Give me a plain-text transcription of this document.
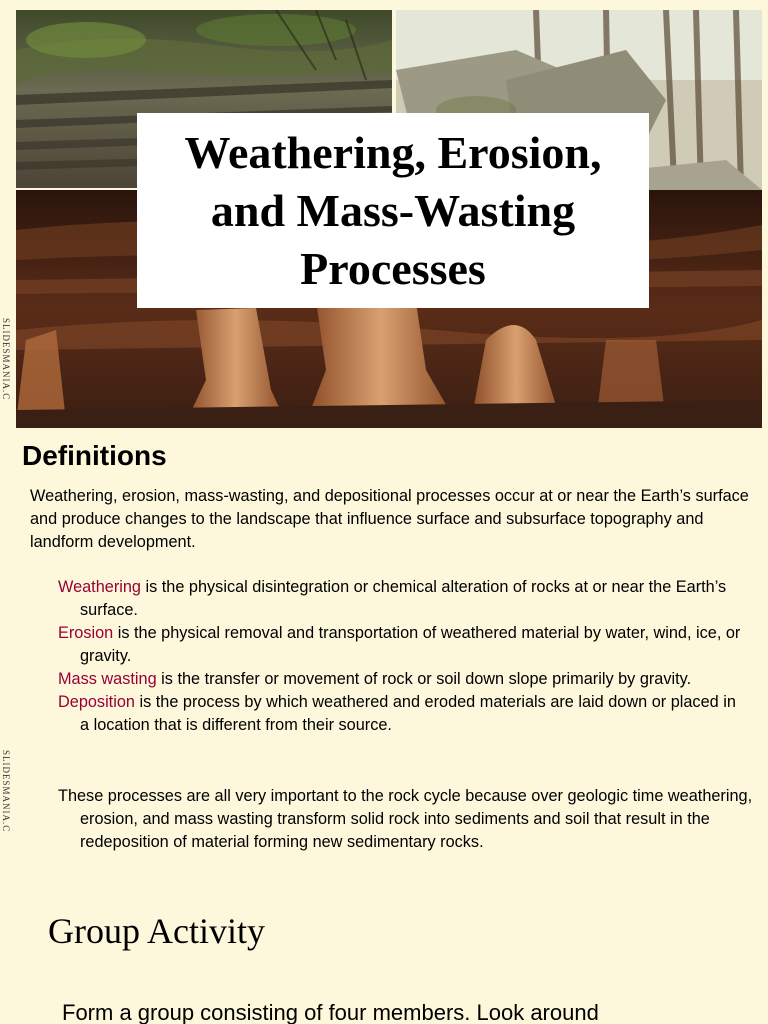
Weathering, Erosion,
and Mass-Wasting
Processes
SLIDESMANIA.C
Definitions

Weathering, erosion, mass-wasting, and depositional processes occur at or near the Earth’s surface and produce changes to the landscape that influence surface and subsurface topography and landform development.

Weathering is the physical disintegration or chemical alteration of rocks at or near the Earth’s surface.
Erosion is the physical removal and transportation of weathered material by water, wind, ice, or gravity.
Mass wasting is the transfer or movement of rock or soil down slope primarily by gravity.
Deposition is the process by which weathered and eroded materials are laid down or placed in a location that is different from their source.

These processes are all very important to the rock cycle because over geologic time weathering, erosion, and mass wasting transform solid rock into sediments and soil that result in the redeposition of material forming new sedimentary rocks.

SLIDESMANIA.C
Group Activity

Form a group consisting of four members. Look around
